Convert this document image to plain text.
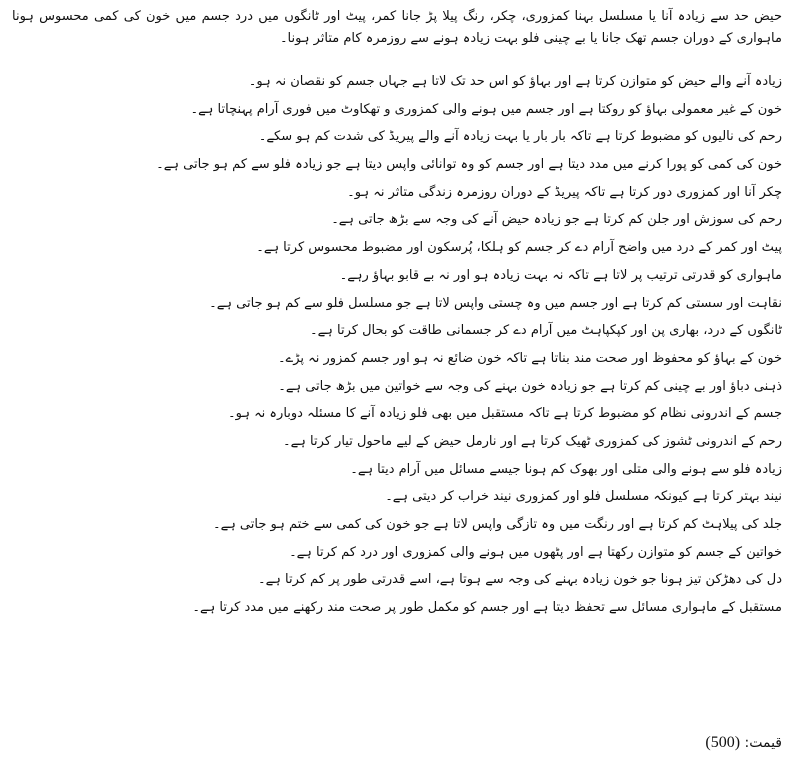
حیض حد سے زیادہ آنا یا مسلسل بہنا کمزوری، چکر، رنگ پیلا پڑ جانا کمر، پیٹ اور ٹانگوں میں درد جسم میں خون کی کمی محسوس ہونا ماہواری کے دوران جسم تھک جانا یا بے چینی فلو بہت زیادہ ہونے سے روزمرہ کام متاثر ہونا۔

زیادہ آنے والے حیض کو متوازن کرتا ہے اور بہاؤ کو اس حد تک لاتا ہے جہاں جسم کو نقصان نہ ہو۔
خون کے غیر معمولی بہاؤ کو روکتا ہے اور جسم میں ہونے والی کمزوری و تھکاوٹ میں فوری آرام پہنچاتا ہے۔
رحم کی نالیوں کو مضبوط کرتا ہے تاکہ بار بار یا بہت زیادہ آنے والے پیریڈ کی شدت کم ہو سکے۔
خون کی کمی کو پورا کرنے میں مدد دیتا ہے اور جسم کو وہ توانائی واپس دیتا ہے جو زیادہ فلو سے کم ہو جاتی ہے۔
چکر آنا اور کمزوری دور کرتا ہے تاکہ پیریڈ کے دوران روزمرہ زندگی متاثر نہ ہو۔
رحم کی سوزش اور جلن کم کرتا ہے جو زیادہ حیض آنے کی وجہ سے بڑھ جاتی ہے۔
پیٹ اور کمر کے درد میں واضح آرام دے کر جسم کو ہلکا، پُرسکون اور مضبوط محسوس کرتا ہے۔
ماہواری کو قدرتی ترتیب پر لاتا ہے تاکہ نہ بہت زیادہ ہو اور نہ بے قابو بہاؤ رہے۔
نقاہت اور سستی کم کرتا ہے اور جسم میں وہ چستی واپس لاتا ہے جو مسلسل فلو سے کم ہو جاتی ہے۔
ٹانگوں کے درد، بھاری پن اور کپکپاہٹ میں آرام دے کر جسمانی طاقت کو بحال کرتا ہے۔
خون کے بہاؤ کو محفوظ اور صحت مند بناتا ہے تاکہ خون ضائع نہ ہو اور جسم کمزور نہ پڑے۔
ذہنی دباؤ اور بے چینی کم کرتا ہے جو زیادہ خون بہنے کی وجہ سے خواتین میں بڑھ جاتی ہے۔
جسم کے اندرونی نظام کو مضبوط کرتا ہے تاکہ مستقبل میں بھی فلو زیادہ آنے کا مسئلہ دوبارہ نہ ہو۔
رحم کے اندرونی ٹشوز کی کمزوری ٹھیک کرتا ہے اور نارمل حیض کے لیے ماحول تیار کرتا ہے۔
زیادہ فلو سے ہونے والی متلی اور بھوک کم ہونا جیسے مسائل میں آرام دیتا ہے۔
نیند بہتر کرتا ہے کیونکہ مسلسل فلو اور کمزوری نیند خراب کر دیتی ہے۔
جلد کی پیلاہٹ کم کرتا ہے اور رنگت میں وہ تازگی واپس لاتا ہے جو خون کی کمی سے ختم ہو جاتی ہے۔
خواتین کے جسم کو متوازن رکھتا ہے اور پٹھوں میں ہونے والی کمزوری اور درد کم کرتا ہے۔
دل کی دھڑکن تیز ہونا جو خون زیادہ بہنے کی وجہ سے ہوتا ہے، اسے قدرتی طور پر کم کرتا ہے۔
مستقبل کے ماہواری مسائل سے تحفظ دیتا ہے اور جسم کو مکمل طور پر صحت مند رکھنے میں مدد کرتا ہے۔
قیمت: (500)
